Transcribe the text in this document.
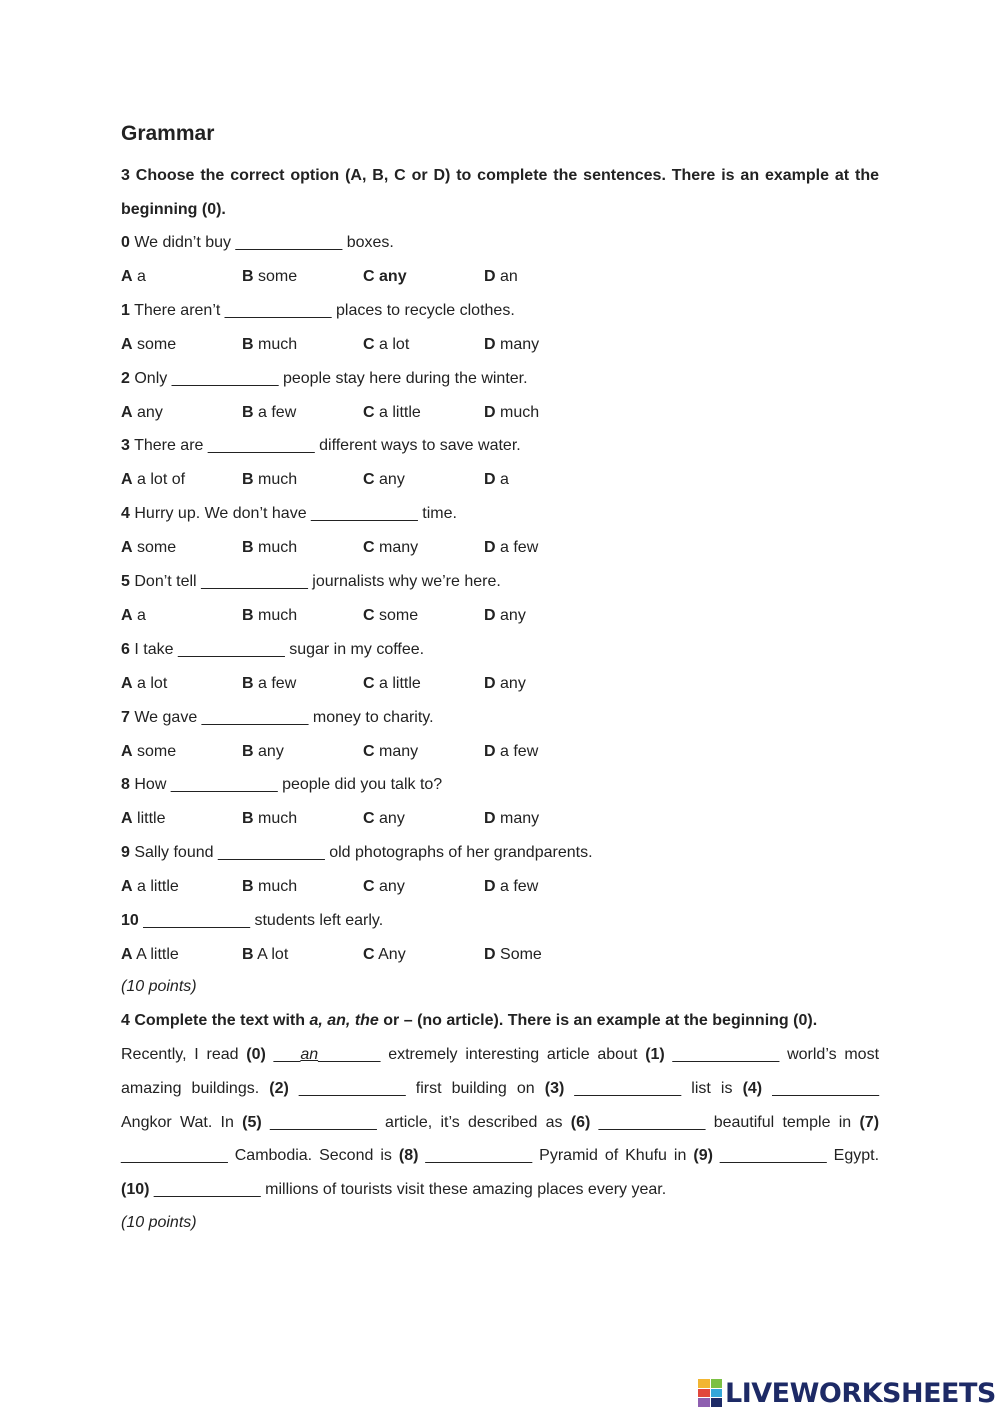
Grammar
3 Choose the correct option (A, B, C or D) to complete the sentences. There is an example at the
beginning (0).
0 We didn’t buy ____________ boxes.
A a	B some	C any	D an
1 There aren’t ____________ places to recycle clothes.
A some	B much	C a lot	D many
2 Only ____________ people stay here during the winter.
A any	B a few	C a little	D much
3 There are ____________ different ways to save water.
A a lot of	B much	C any	D a
4 Hurry up. We don’t have ____________ time.
A some	B much	C many	D a few
5 Don’t tell ____________ journalists why we’re here.
A a	B much	C some	D any
6 I take ____________ sugar in my coffee.
A a lot	B a few	C a little	D any
7 We gave ____________ money to charity.
A some	B any	C many	D a few
8 How ____________ people did you talk to?
A little	B much	C any	D many
9 Sally found ____________ old photographs of her grandparents.
A a little	B much	C any	D a few
10 ____________ students left early.
A A little	B A lot	C Any	D Some
(10 points)
4 Complete the text with a, an, the or – (no article). There is an example at the beginning (0).
Recently, I read (0) ___an_______ extremely interesting article about (1) ____________ world’s most
amazing buildings. (2) ____________ first building on (3) ____________ list is (4) ____________
Angkor Wat. In (5) ____________ article, it’s described as (6) ____________ beautiful temple in (7)
____________ Cambodia. Second is (8) ____________ Pyramid of Khufu in (9) ____________ Egypt.
(10) ____________ millions of tourists visit these amazing places every year.
(10 points)
LIVEWORKSHEETS
